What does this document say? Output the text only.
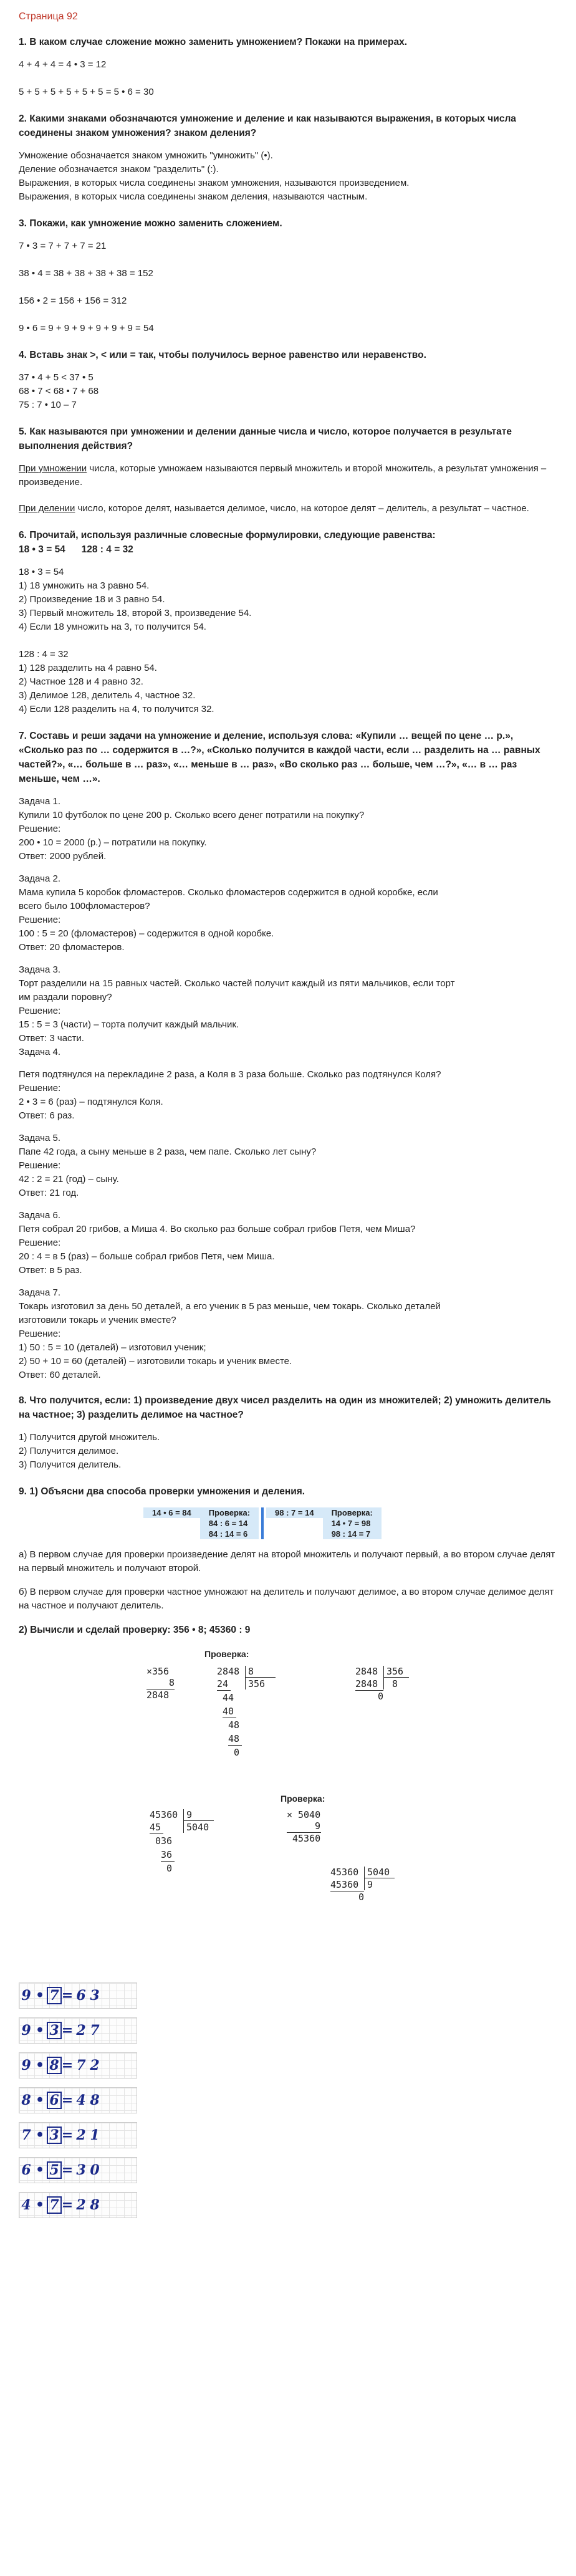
Страница 92

1. В каком случае сложение можно заменить умножением? Покажи на примерах.

4 + 4 + 4 = 4 • 3 = 12

5 + 5 + 5 + 5 + 5 + 5 = 5 • 6 = 30

2. Какими знаками обозначаются умножение и деление и как называются выражения, в которых числа соединены знаком умножения? знаком деления?

Умножение обозначается знаком умножить "умножить" (•).

Деление обозначается знаком "разделить" (:).

Выражения, в которых числа соединены знаком умножения, называются произведением.

Выражения, в которых числа соединены знаком деления, называются частным.

3. Покажи, как умножение можно заменить сложением.

7 • 3 = 7 + 7 + 7 = 21

38 • 4 = 38 + 38 + 38 + 38 = 152

156 • 2 = 156 + 156 = 312

9 • 6 = 9 + 9 + 9 + 9 + 9 + 9 = 54

4. Вставь знак >, < или = так, чтобы получилось верное равенство или неравенство.

37 • 4 + 5 < 37 • 5

68 • 7 < 68 • 7 + 68

75 : 7 • 10 – 7

5. Как называются при умножении и делении данные числа и число, которое получается в результате выполнения действия?

При умножении числа, которые умножаем называются первый множитель и второй множитель, а результат умножения – произведение.

При делении число, которое делят, называется делимое, число, на которое делят – делитель, а результат – частное.

6. Прочитай, используя различные словесные формулировки, следующие равенства:

18 • 3 = 54      128 : 4 = 32

18 • 3 = 54

1) 18 умножить на 3 равно 54.

2) Произведение 18 и 3 равно 54.

3) Первый множитель 18, второй 3, произведение 54.

4) Если 18 умножить на 3, то получится 54.

128 : 4 = 32

1) 128 разделить на 4 равно 54.

2) Частное 128 и 4 равно 32.

3) Делимое 128, делитель 4, частное 32.

4) Если 128 разделить на 4, то получится 32.

7. Составь и реши задачи на умножение и деление, используя слова: «Купили … вещей по цене … р.», «Сколько раз по … содержится в …?», «Сколько получится в каждой части, если … разделить на … равных частей?», «… больше в … раз», «… меньше в … раз», «Во сколько раз … больше, чем …?», «… в … раз меньше, чем …».

Задача 1.

Купили 10 футболок по цене 200 р. Сколько всего денег потратили на покупку?

Решение:

200 • 10 = 2000 (р.) – потратили на покупку.

Ответ: 2000 рублей.

Задача 2.

Мама купила 5 коробок фломастеров. Сколько фломастеров содержится в одной коробке, если

всего было 100фломастеров?

Решение:

100 : 5 = 20 (фломастеров) – содержится в одной коробке.

Ответ: 20 фломастеров.

Задача 3.

Торт разделили на 15 равных частей. Сколько частей получит каждый из пяти мальчиков, если торт

им раздали поровну?

Решение:

15 : 5 = 3 (части) – торта получит каждый мальчик.

Ответ: 3 части.

Задача 4.

Петя подтянулся на перекладине 2 раза, а Коля в 3 раза больше. Сколько раз подтянулся Коля?

Решение:

2 • 3 = 6 (раз) – подтянулся Коля.

Ответ: 6 раз.

Задача 5.

Папе 42 года, а сыну меньше в 2 раза, чем папе. Сколько лет сыну?

Решение:

42 : 2 = 21 (год) – сыну.

Ответ: 21 год.

Задача 6.

Петя собрал 20 грибов, а Миша 4. Во сколько раз больше собрал грибов Петя, чем Миша?

Решение:

20 : 4 = в 5 (раз) – больше собрал грибов Петя, чем Миша.

Ответ: в 5 раз.

Задача 7.

Токарь изготовил за день 50 деталей, а его ученик в 5 раз меньше, чем токарь. Сколько деталей

изготовили токарь и ученик вместе?

Решение:

1) 50 : 5 = 10 (деталей) – изготовил ученик;

2) 50 + 10 = 60 (деталей) – изготовили токарь и ученик вместе.

Ответ: 60 деталей.

8. Что получится, если: 1) произведение двух чисел разделить на один из множителей; 2) умножить делитель на частное; 3) разделить делимое на частное?

1) Получится другой множитель.

2) Получится делимое.

3) Получится делитель.

9. 1) Объясни два способа проверки умножения и деления.

14 • 6 = 84 Проверка:
84 : 6 = 14
84 : 14 = 6
98 : 7 = 14 Проверка:
14 • 7 = 98
98 : 14 = 7

а) В первом случае для проверки произведение делят на второй множитель и получают первый, а во втором случае делят на первый множитель и получают второй.

б) В первом случае для проверки частное умножают на делитель и получают делимое, а во втором случае делимое делят на частное и получают делитель.

2) Вычисли и сделай проверку: 356 • 8; 45360 : 9

Проверка:
Проверка:
× 356
8
2848
2848 8
24 356
44
40
48
48
0
2848 356
2848 8
0
45360 9
45	5040
036
36
0
× 5040
9
45360
45360 5040
45360 9
0
9 • 7 = 6 3
9 • 3 = 2 7
9 • 8 = 7 2
8 • 6 = 4 8
7 • 3 = 2 1
6 • 5 = 3 0
4 • 7 = 2 8
